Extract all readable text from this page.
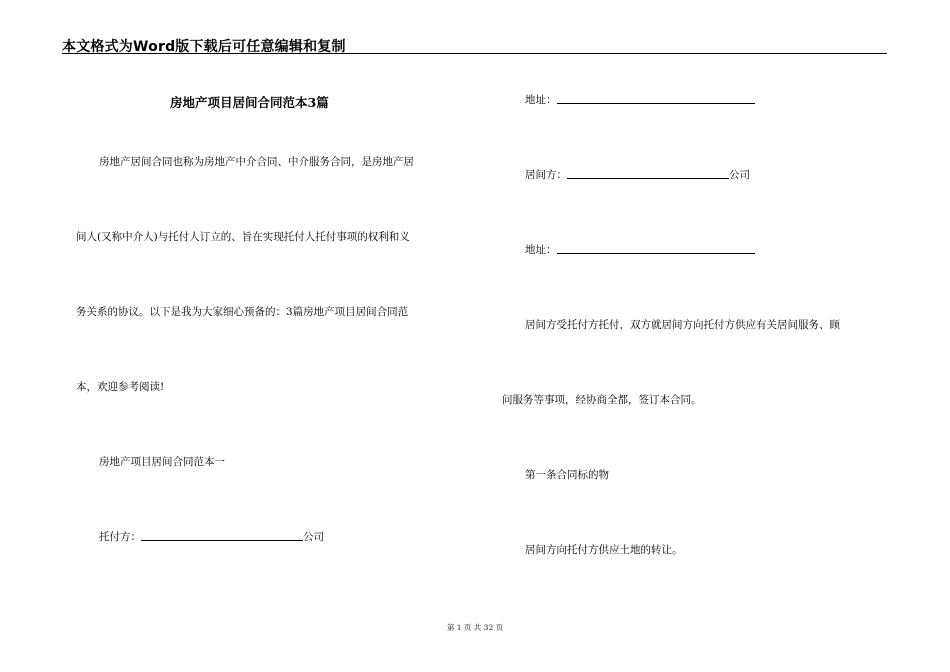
本文格式为Word版下载后可任意编辑和复制
房地产项目居间合同范本3篇
房地产居间合同也称为房地产中介合同、中介服务合同，是房地产居
间人(又称中介人)与托付人订立的、旨在实现托付人托付事项的权利和义
务关系的协议。以下是我为大家细心预备的：3篇房地产项目居间合同范
本，欢迎参考阅读!
房地产项目居间合同范本一
托付方：	公司
地址：
居间方：	公司
地址：
居间方受托付方托付，双方就居间方向托付方供应有关居间服务、顾
问服务等事项，经协商全都，签订本合同。
第一条合同标的物
居间方向托付方供应土地的转让。
第 1 页 共 32 页
